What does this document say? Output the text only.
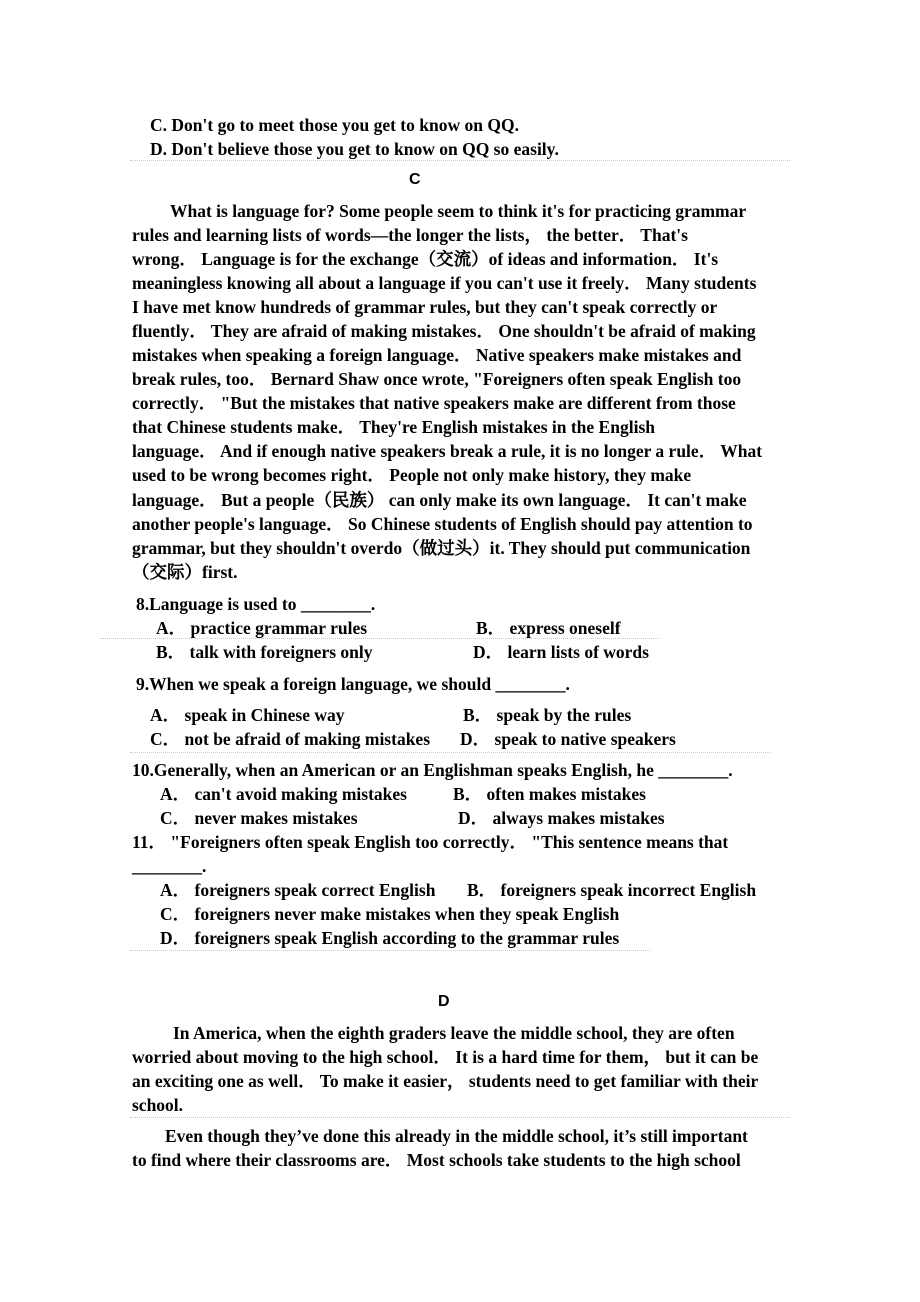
C. Don't go to meet those you get to know on QQ.
D. Don't believe those you get to know on QQ so easily.
C
What is language for? Some people seem to think it's for practicing grammar
rules and learning lists of words—the longer the lists， the better． That's
wrong． Language is for the exchange（交流）of ideas and information． It's
meaningless knowing all about a language if you can't use it freely． Many students
I have met know hundreds of grammar rules, but they can't speak correctly or
fluently． They are afraid of making mistakes． One shouldn't be afraid of making
mistakes when speaking a foreign language． Native speakers make mistakes and
break rules, too． Bernard Shaw once wrote, "Foreigners often speak English too
correctly． "But the mistakes that native speakers make are different from those
that Chinese students make． They're English mistakes in the English
language． And if enough native speakers break a rule, it is no longer a rule． What
used to be wrong becomes right． People not only make history, they make
language． But a people（民族） can only make its own language． It can't make
another people's language． So Chinese students of English should pay attention to
grammar, but they shouldn't overdo（做过头）it. They should put communication
（交际）first.
8.Language is used to ________.
A． practice grammar rules	B． express oneself
B． talk with foreigners only	D． learn lists of words
9.When we speak a foreign language, we should ________.
A． speak in Chinese way	B． speak by the rules
C． not be afraid of making mistakes D． speak to native speakers
10.Generally, when an American or an Englishman speaks English, he ________.
A． can't avoid making mistakes	B． often makes mistakes
C． never makes mistakes	D． always makes mistakes
11． "Foreigners often speak English too correctly． "This sentence means that
________.
A． foreigners speak correct English B． foreigners speak incorrect English
C． foreigners never make mistakes when they speak English
D． foreigners speak English according to the grammar rules
D
In America, when the eighth graders leave the middle school, they are often
worried about moving to the high school． It is a hard time for them， but it can be
an exciting one as well． To make it easier， students need to get familiar with their
school.
Even though they’ve done this already in the middle school, it’s still important
to find where their classrooms are． Most schools take students to the high school
